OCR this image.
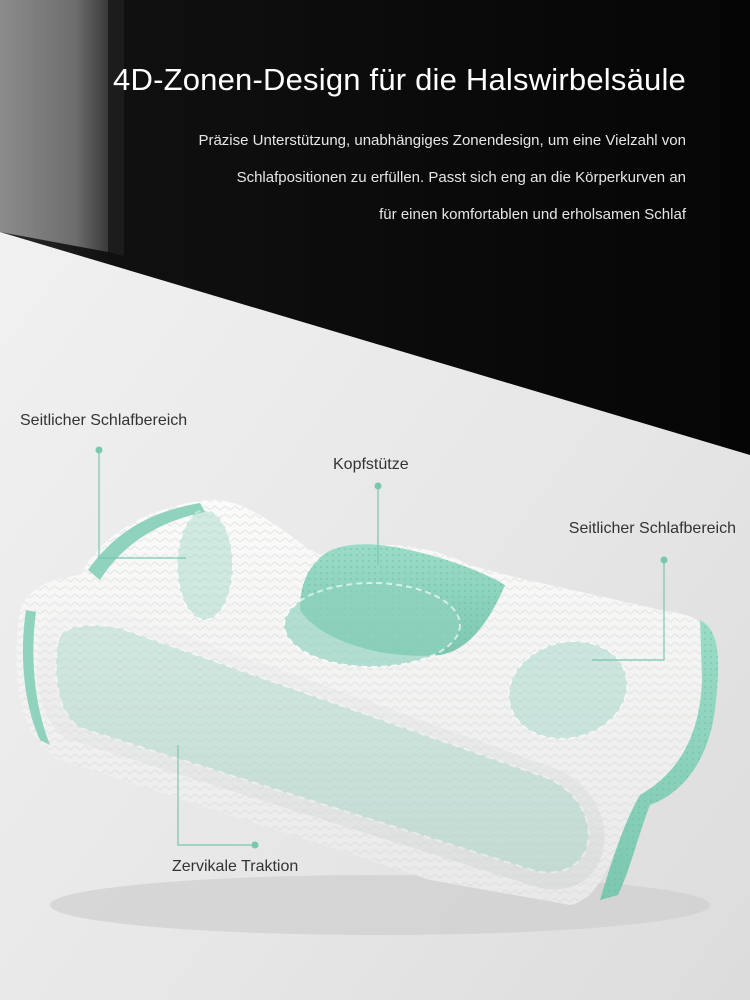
4D-Zonen-Design für die Halswirbelsäule
Präzise Unterstützung, unabhängiges Zonendesign, um eine Vielzahl von
Schlafpositionen zu erfüllen. Passt sich eng an die Körperkurven an
für einen komfortablen und erholsamen Schlaf
Seitlicher Schlafbereich
Kopfstütze
Seitlicher Schlafbereich
Zervikale Traktion
